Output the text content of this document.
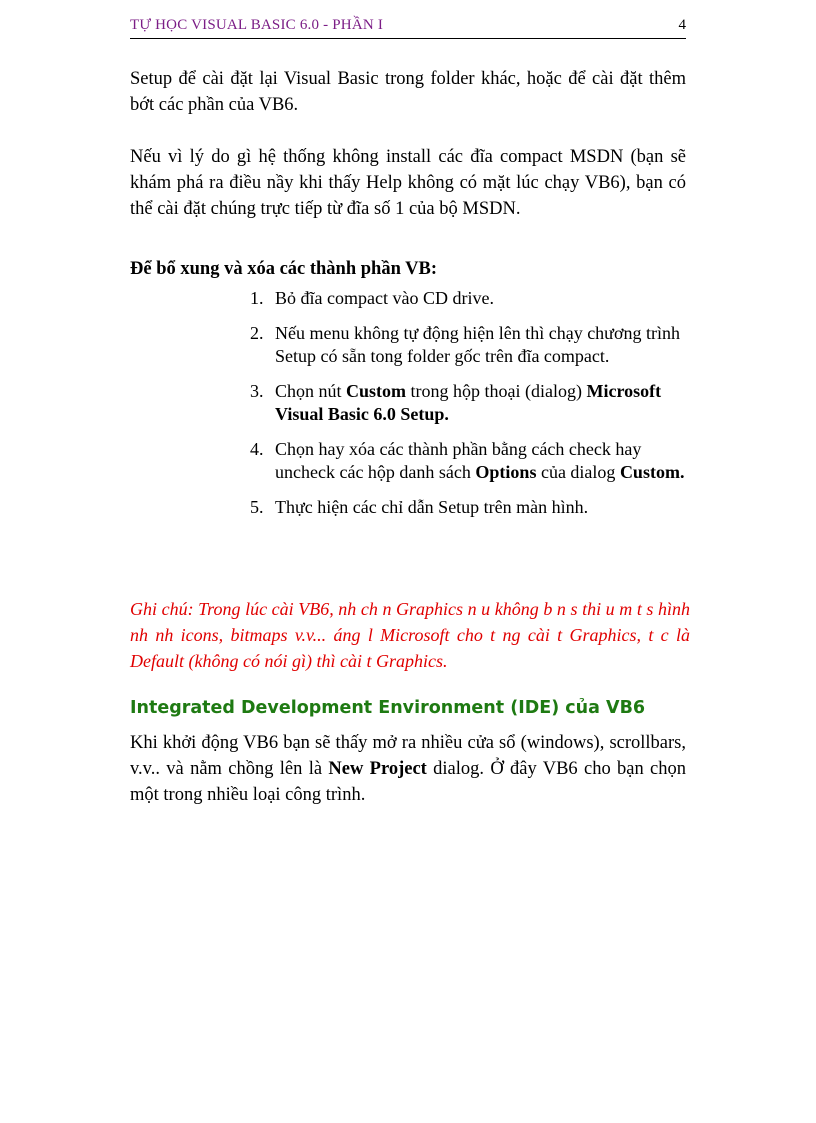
TỰ HỌC VISUAL BASIC 6.0 - PHẦN I	4

Setup để cài đặt lại Visual Basic trong folder khác, hoặc để cài đặt thêm bớt các phần của VB6.

Nếu vì lý do gì hệ thống không install các đĩa compact MSDN (bạn sẽ khám phá ra điều nầy khi thấy Help không có mặt lúc chạy VB6), bạn có thể cài đặt chúng trực tiếp từ đĩa số 1 của bộ MSDN.

Để bổ xung và xóa các thành phần VB:
1. Bỏ đĩa compact vào CD drive.
2. Nếu menu không tự động hiện lên thì chạy chương trình Setup có sẵn tong folder gốc trên đĩa compact.
3. Chọn nút Custom trong hộp thoại (dialog) Microsoft Visual Basic 6.0 Setup.
4. Chọn hay xóa các thành phần bằng cách check hay uncheck các hộp danh sách Options của dialog Custom.
5. Thực hiện các chỉ dẫn Setup trên màn hình.

Ghi chú: Trong lúc cài VB6, nh ch n Graphics n u không b n s thi u m t s hình nh nh icons, bitmaps v.v... áng l Microsoft cho t ng cài t Graphics, t c là Default (không có nói gì) thì cài t Graphics.

Integrated Development Environment (IDE) của VB6

Khi khởi động VB6 bạn sẽ thấy mở ra nhiều cửa sổ (windows), scrollbars, v.v.. và nằm chồng lên là New Project dialog. Ở đây VB6 cho bạn chọn một trong nhiều loại công trình.
